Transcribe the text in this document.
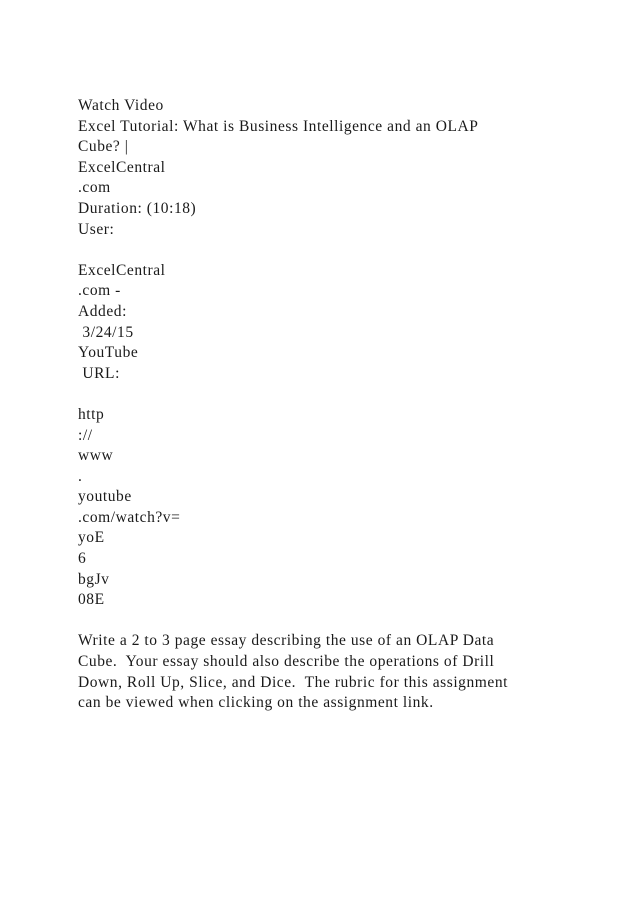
Watch Video
Excel Tutorial: What is Business Intelligence and an OLAP
Cube? |
ExcelCentral
.com
Duration: (10:18)
User:
ExcelCentral
.com -
Added:
3/24/15
YouTube
URL:
http
://
www
.
youtube
.com/watch?v=
yoE
6
bgJv
08E
Write a 2 to 3 page essay describing the use of an OLAP Data
Cube.  Your essay should also describe the operations of Drill
Down, Roll Up, Slice, and Dice.  The rubric for this assignment
can be viewed when clicking on the assignment link.
